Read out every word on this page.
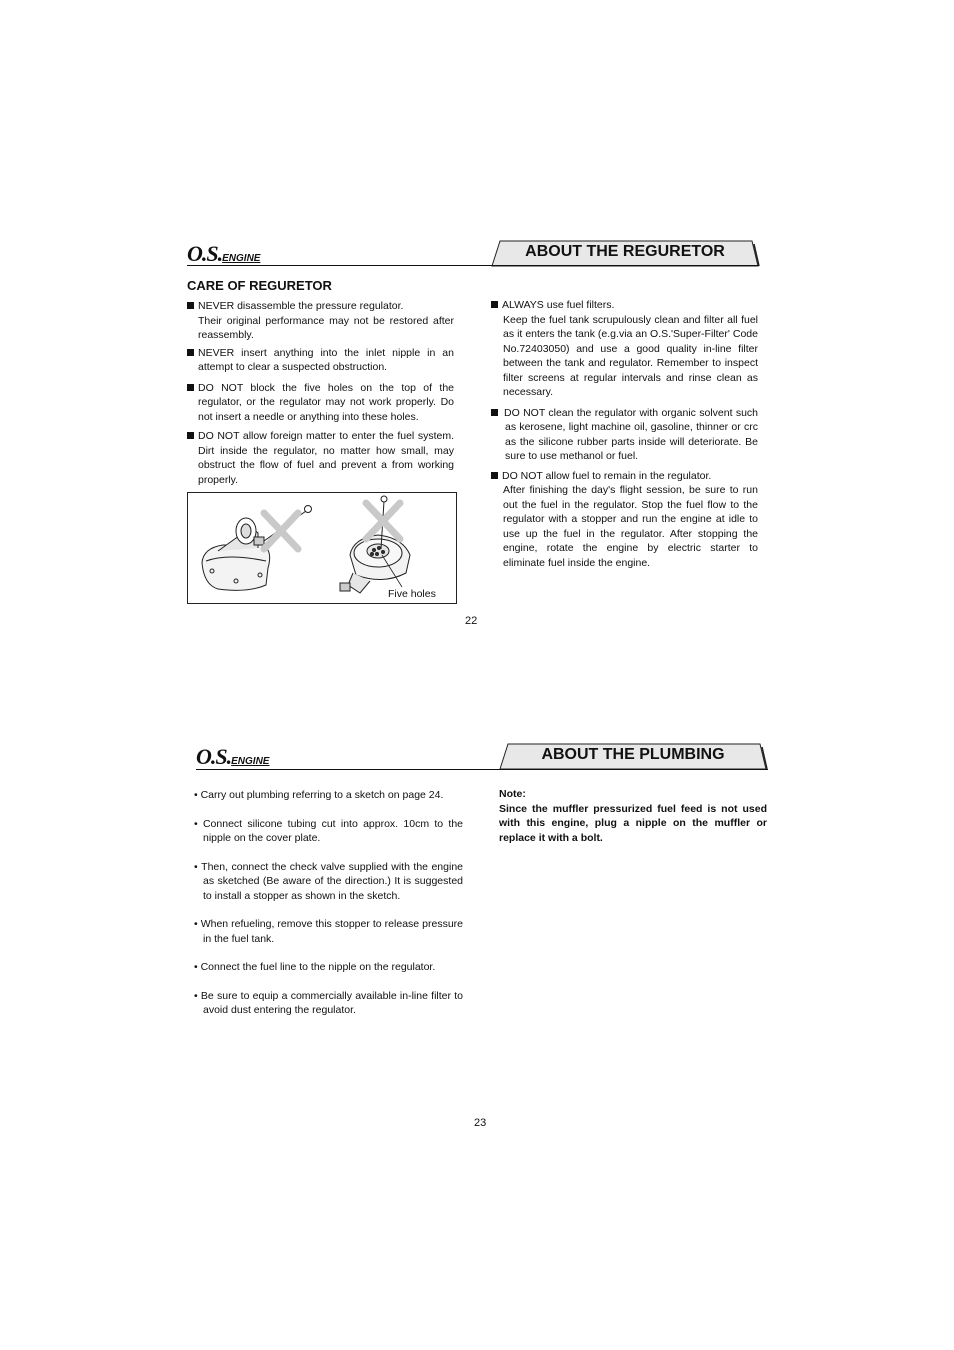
O.S.ENGINE	ABOUT THE REGURETOR
CARE OF REGURETOR
NEVER disassemble the pressure regulator.
Their original performance may not be restored after reassembly.
NEVER insert anything into the inlet nipple in an attempt to clear a suspected obstruction.
DO NOT block the five holes on the top of the regulator, or the regulator may not work properly. Do not insert a needle or anything into these holes.
DO NOT allow foreign matter to enter the fuel system. Dirt inside the regulator, no matter how small, may obstruct the flow of fuel and prevent a from working properly.
Five holes
ALWAYS use fuel filters.
Keep the fuel tank scrupulously clean and filter all fuel as it enters the tank (e.g.via an O.S.'Super-Filter' Code No.72403050) and use a good quality in-line filter between the tank and regulator. Remember to inspect filter screens at regular intervals and rinse clean as necessary.
DO NOT clean the regulator with organic solvent such as kerosene, light machine oil, gasoline, thinner or crc as the silicone rubber parts inside will deteriorate. Be sure to use methanol or fuel.
DO NOT allow fuel to remain in the regulator.
After finishing the day's flight session, be sure to run out the fuel in the regulator. Stop the fuel flow to the regulator with a stopper and run the engine at idle to use up the fuel in the regulator. After stopping the engine, rotate the engine by electric starter to eliminate fuel inside the engine.
22
O.S.ENGINE	ABOUT THE PLUMBING
• Carry out plumbing referring to a sketch on page 24.
• Connect silicone tubing cut into approx. 10cm to the nipple on the cover plate.
• Then, connect the check valve supplied with the engine as sketched (Be aware of the direction.) It is suggested to install a stopper as shown in the sketch.
• When refueling, remove this stopper to release pressure in the fuel tank.
• Connect the fuel line to the nipple on the regulator.
• Be sure to equip a commercially available in-line filter to avoid dust entering the regulator.
Note:
Since the muffler pressurized fuel feed is not used with this engine, plug a nipple on the muffler or replace it with a bolt.
23
